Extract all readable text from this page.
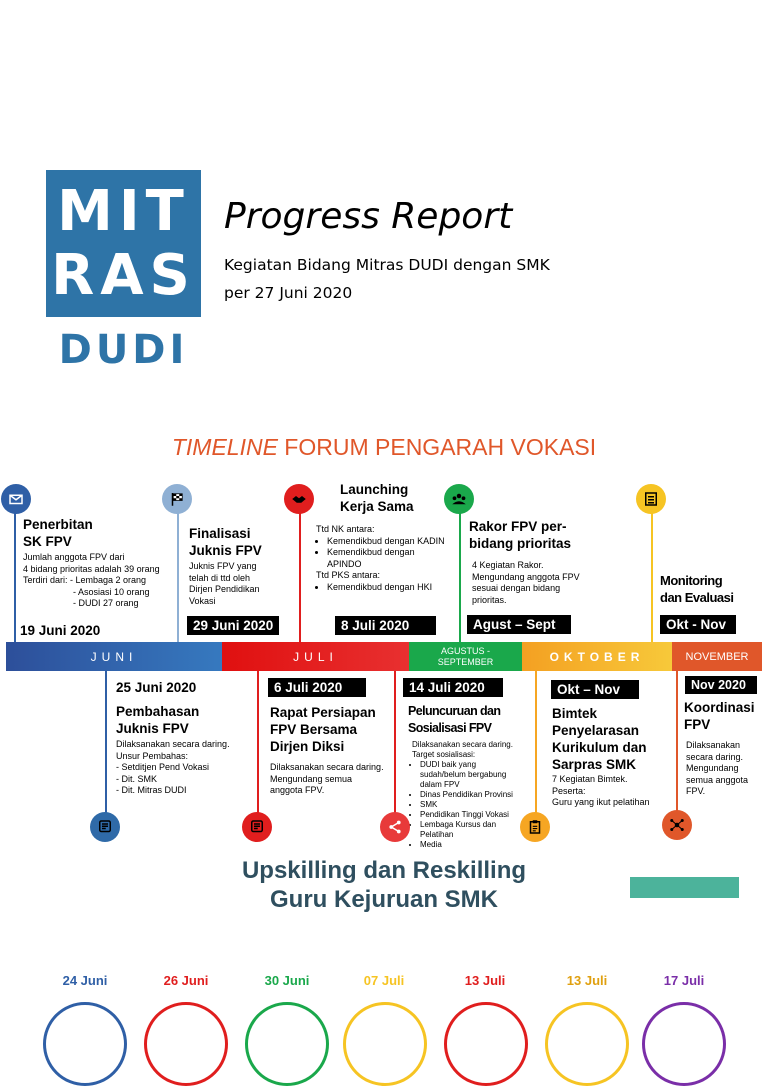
MIT
RAS
DUDI
Progress Report
Kegiatan Bidang Mitras DUDI dengan SMK
per 27 Juni 2020
TIMELINE FORUM PENGARAH VOKASI
JUNI	JULI	AGUSTUS - SEPTEMBER	OKTOBER	NOVEMBER
Penerbitan
SK FPV
Jumlah anggota FPV dari
4 bidang prioritas adalah 39 orang
Terdiri dari: - Lembaga 2 orang
- Asosiasi 10 orang
- DUDI 27 orang
19 Juni 2020
Finalisasi
Juknis FPV
Juknis FPV yang
telah di ttd oleh
Dirjen Pendidikan
Vokasi
29 Juni 2020
Launching
Kerja Sama
Ttd NK antara:
• Kemendikbud dengan KADIN
• Kemendikbud dengan APINDO
Ttd PKS antara:
• Kemendikbud dengan HKI
8 Juli 2020
Rakor FPV per-
bidang prioritas
4 Kegiatan Rakor.
Mengundang anggota FPV
sesuai dengan bidang
prioritas.
Agust – Sept
Monitoring
dan Evaluasi
Okt - Nov
25 Juni 2020
Pembahasan
Juknis FPV
Dilaksanakan secara daring.
Unsur Pembahas:
- Setditjen Pend Vokasi
- Dit. SMK
- Dit. Mitras DUDI
6 Juli 2020
Rapat Persiapan
FPV Bersama
Dirjen Diksi
Dilaksanakan secara daring.
Mengundang semua
anggota FPV.
14 Juli 2020
Peluncuruan dan
Sosialisasi FPV
Dilaksanakan secara daring.
Target sosialisasi:
• DUDI baik yang sudah/belum bergabung dalam FPV
• Dinas Pendidikan Provinsi
• SMK
• Pendidikan Tinggi Vokasi
• Lembaga Kursus dan Pelatihan
• Media
Okt – Nov
Bimtek
Penyelarasan
Kurikulum dan
Sarpras SMK
7 Kegiatan Bimtek.
Peserta:
Guru yang ikut pelatihan
Nov 2020
Koordinasi
FPV
Dilaksanakan
secara daring.
Mengundang
semua anggota
FPV.
Upskilling dan Reskilling
Guru Kejuruan SMK
24 Juni	26 Juni	30 Juni	07 Juli	13 Juli	13 Juli	17 Juli
